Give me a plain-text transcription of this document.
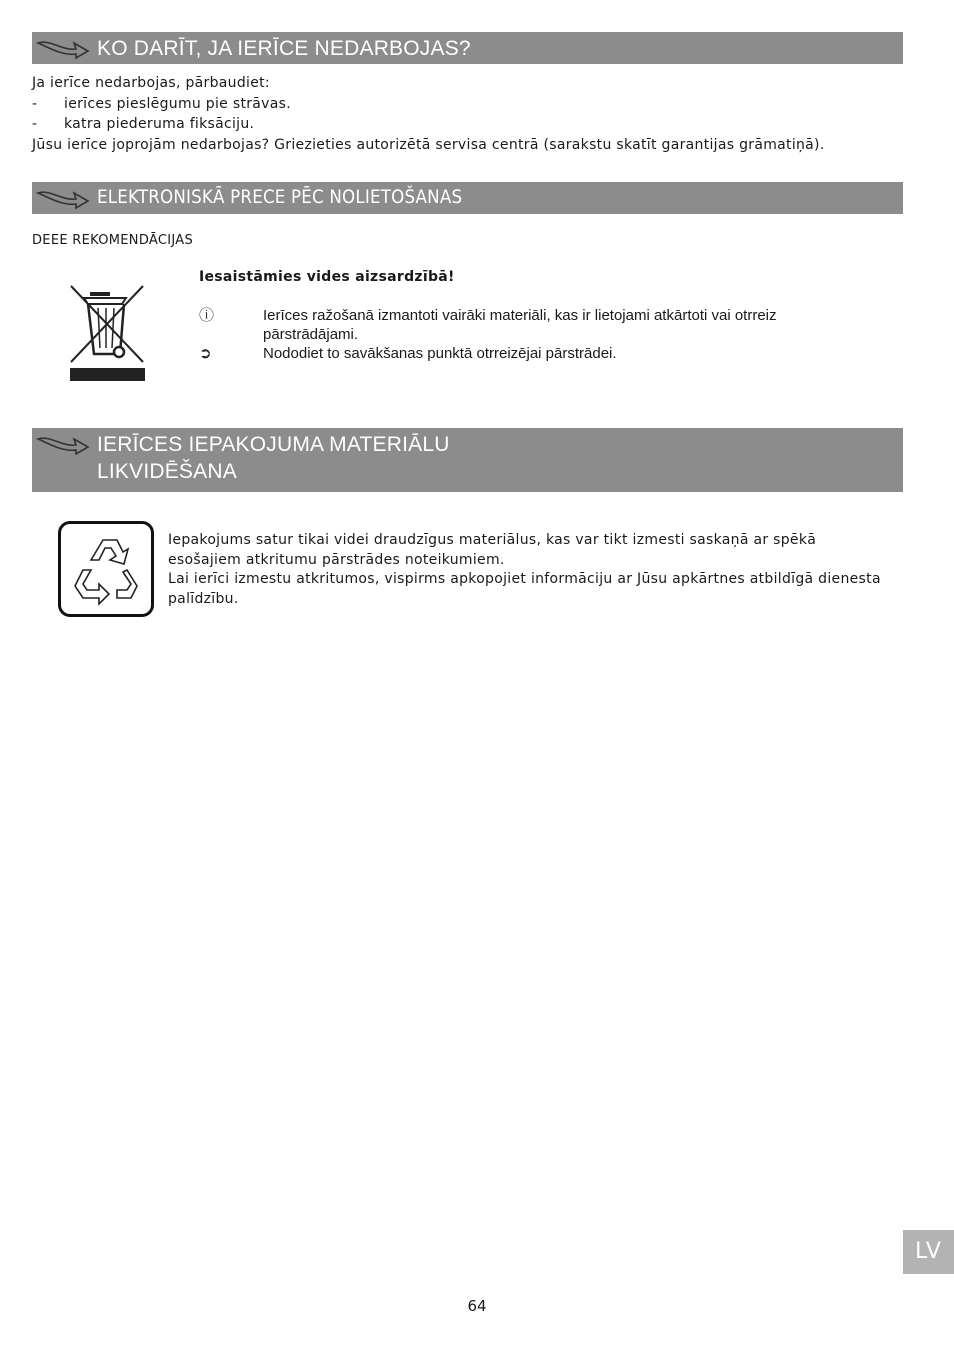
KO DARĪT, JA IERĪCE NEDARBOJAS?
Ja ierīce nedarbojas, pārbaudiet:
- ierīces pieslēgumu pie strāvas.
- katra piederuma fiksāciju.
Jūsu ierīce joprojām nedarbojas? Griezieties autorizētā servisa centrā (sarakstu skatīt garantijas grāmatiņā).
ELEKTRONISKĀ PRECE PĒC NOLIETOŠANAS
DEEE REKOMENDĀCIJAS
Iesaistāmies vides aizsardzībā!
ⓘ	Ierīces ražošanā izmantoti vairāki materiāli, kas ir lietojami atkārtoti vai otrreiz pārstrādājami.
➲	Nododiet to savākšanas punktā otrreizējai pārstrādei.
IERĪCES IEPAKOJUMA MATERIĀLU
LIKVIDĒŠANA
Iepakojums satur tikai videi draudzīgus materiālus, kas var tikt izmesti saskaņā ar spēkā esošajiem atkritumu pārstrādes noteikumiem.
Lai ierīci izmestu atkritumos, vispirms apkopojiet informāciju ar Jūsu apkārtnes atbildīgā dienesta palīdzību.
LV
64
